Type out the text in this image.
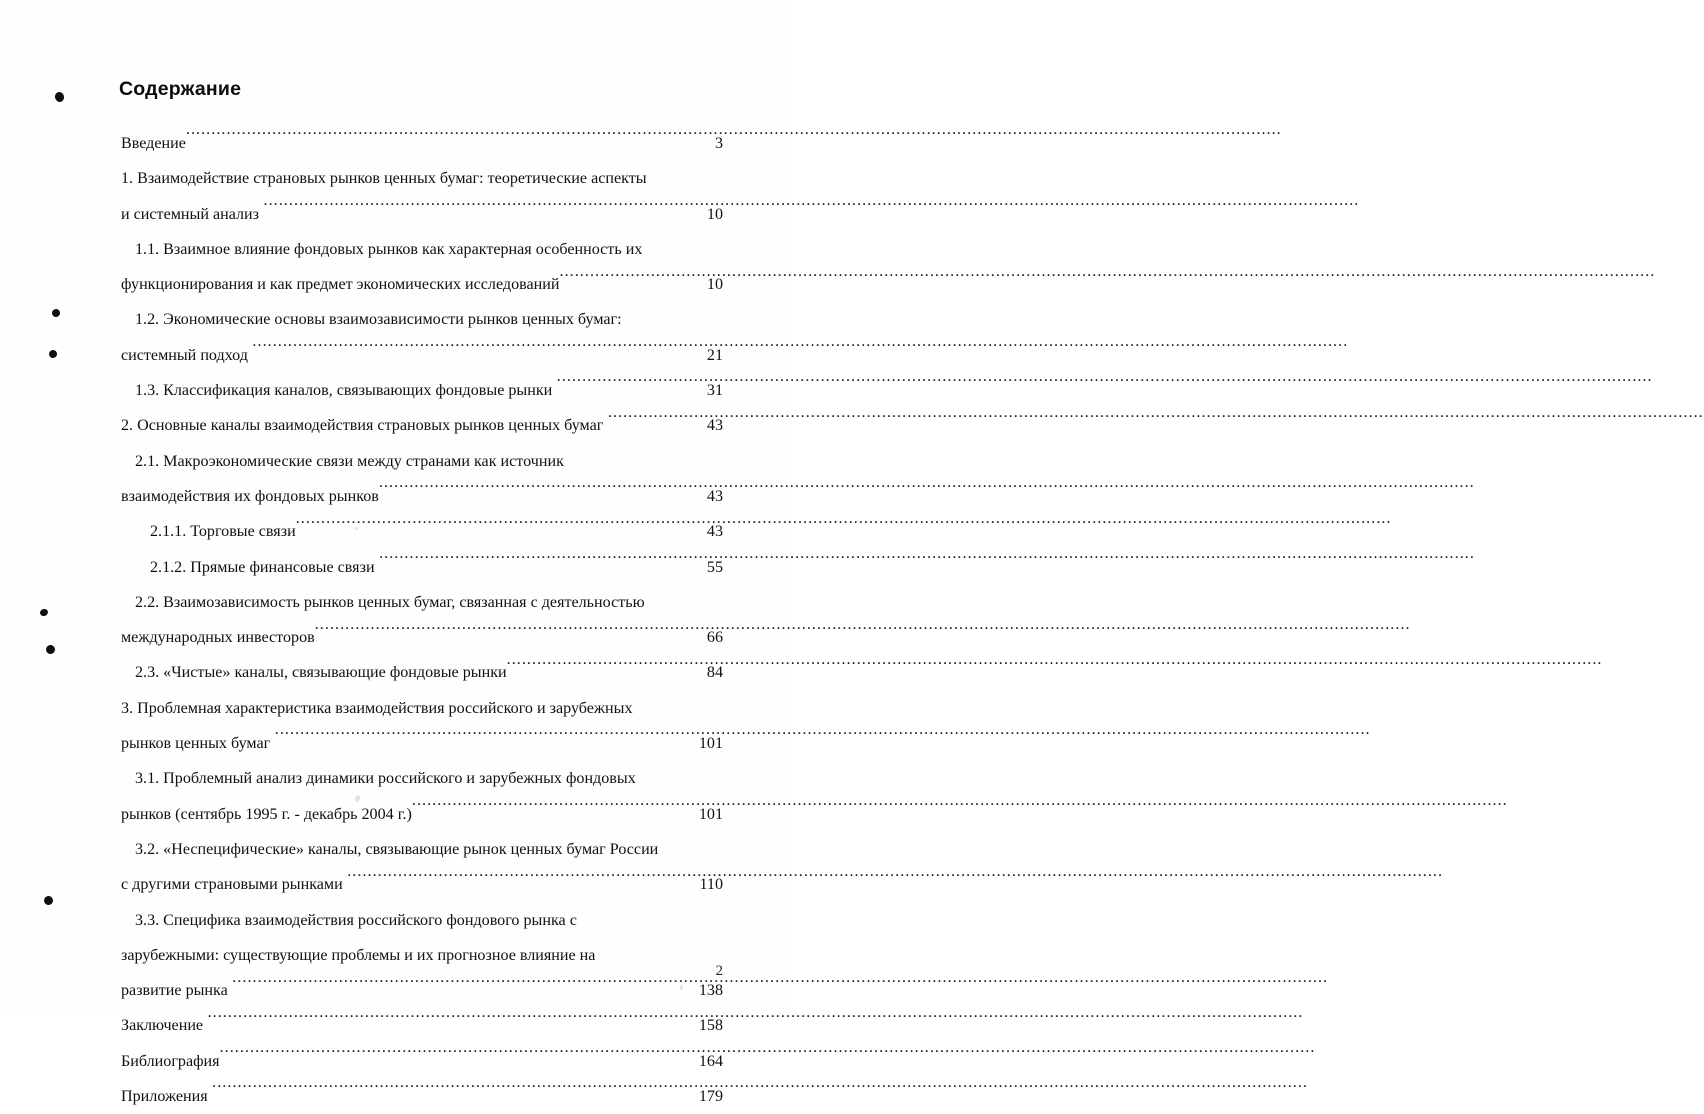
Содержание
Введение .....	3
1. Взаимодействие страновых рынков ценных бумаг: теоретические аспекты
и системный анализ .....	10
1.1. Взаимное влияние фондовых рынков как характерная особенность их
функционирования и как предмет экономических исследований .....	10
1.2. Экономические основы взаимозависимости рынков ценных бумаг:
системный подход .....	21
1.3. Классификация каналов, связывающих фондовые рынки .....	31
2. Основные каналы взаимодействия страновых рынков ценных бумаг .....	43
2.1. Макроэкономические связи между странами как источник
взаимодействия их фондовых рынков .....	43
2.1.1. Торговые связи .....	43
2.1.2. Прямые финансовые связи .....	55
2.2. Взаимозависимость рынков ценных бумаг, связанная с деятельностью
международных инвесторов .....	66
2.3. «Чистые» каналы, связывающие фондовые рынки .....	84
3. Проблемная характеристика взаимодействия российского и зарубежных
рынков ценных бумаг .....	101
3.1. Проблемный анализ динамики российского и зарубежных фондовых
рынков (сентябрь 1995 г. - декабрь 2004 г.) .....	101
3.2. «Неспецифические» каналы, связывающие рынок ценных бумаг России
с другими страновыми рынками .....	110
3.3. Специфика взаимодействия российского фондового рынка с
зарубежными: существующие проблемы и их прогнозное влияние на
развитие рынка .....	138
Заключение .....	158
Библиография .....	164
Приложения .....	179
2
